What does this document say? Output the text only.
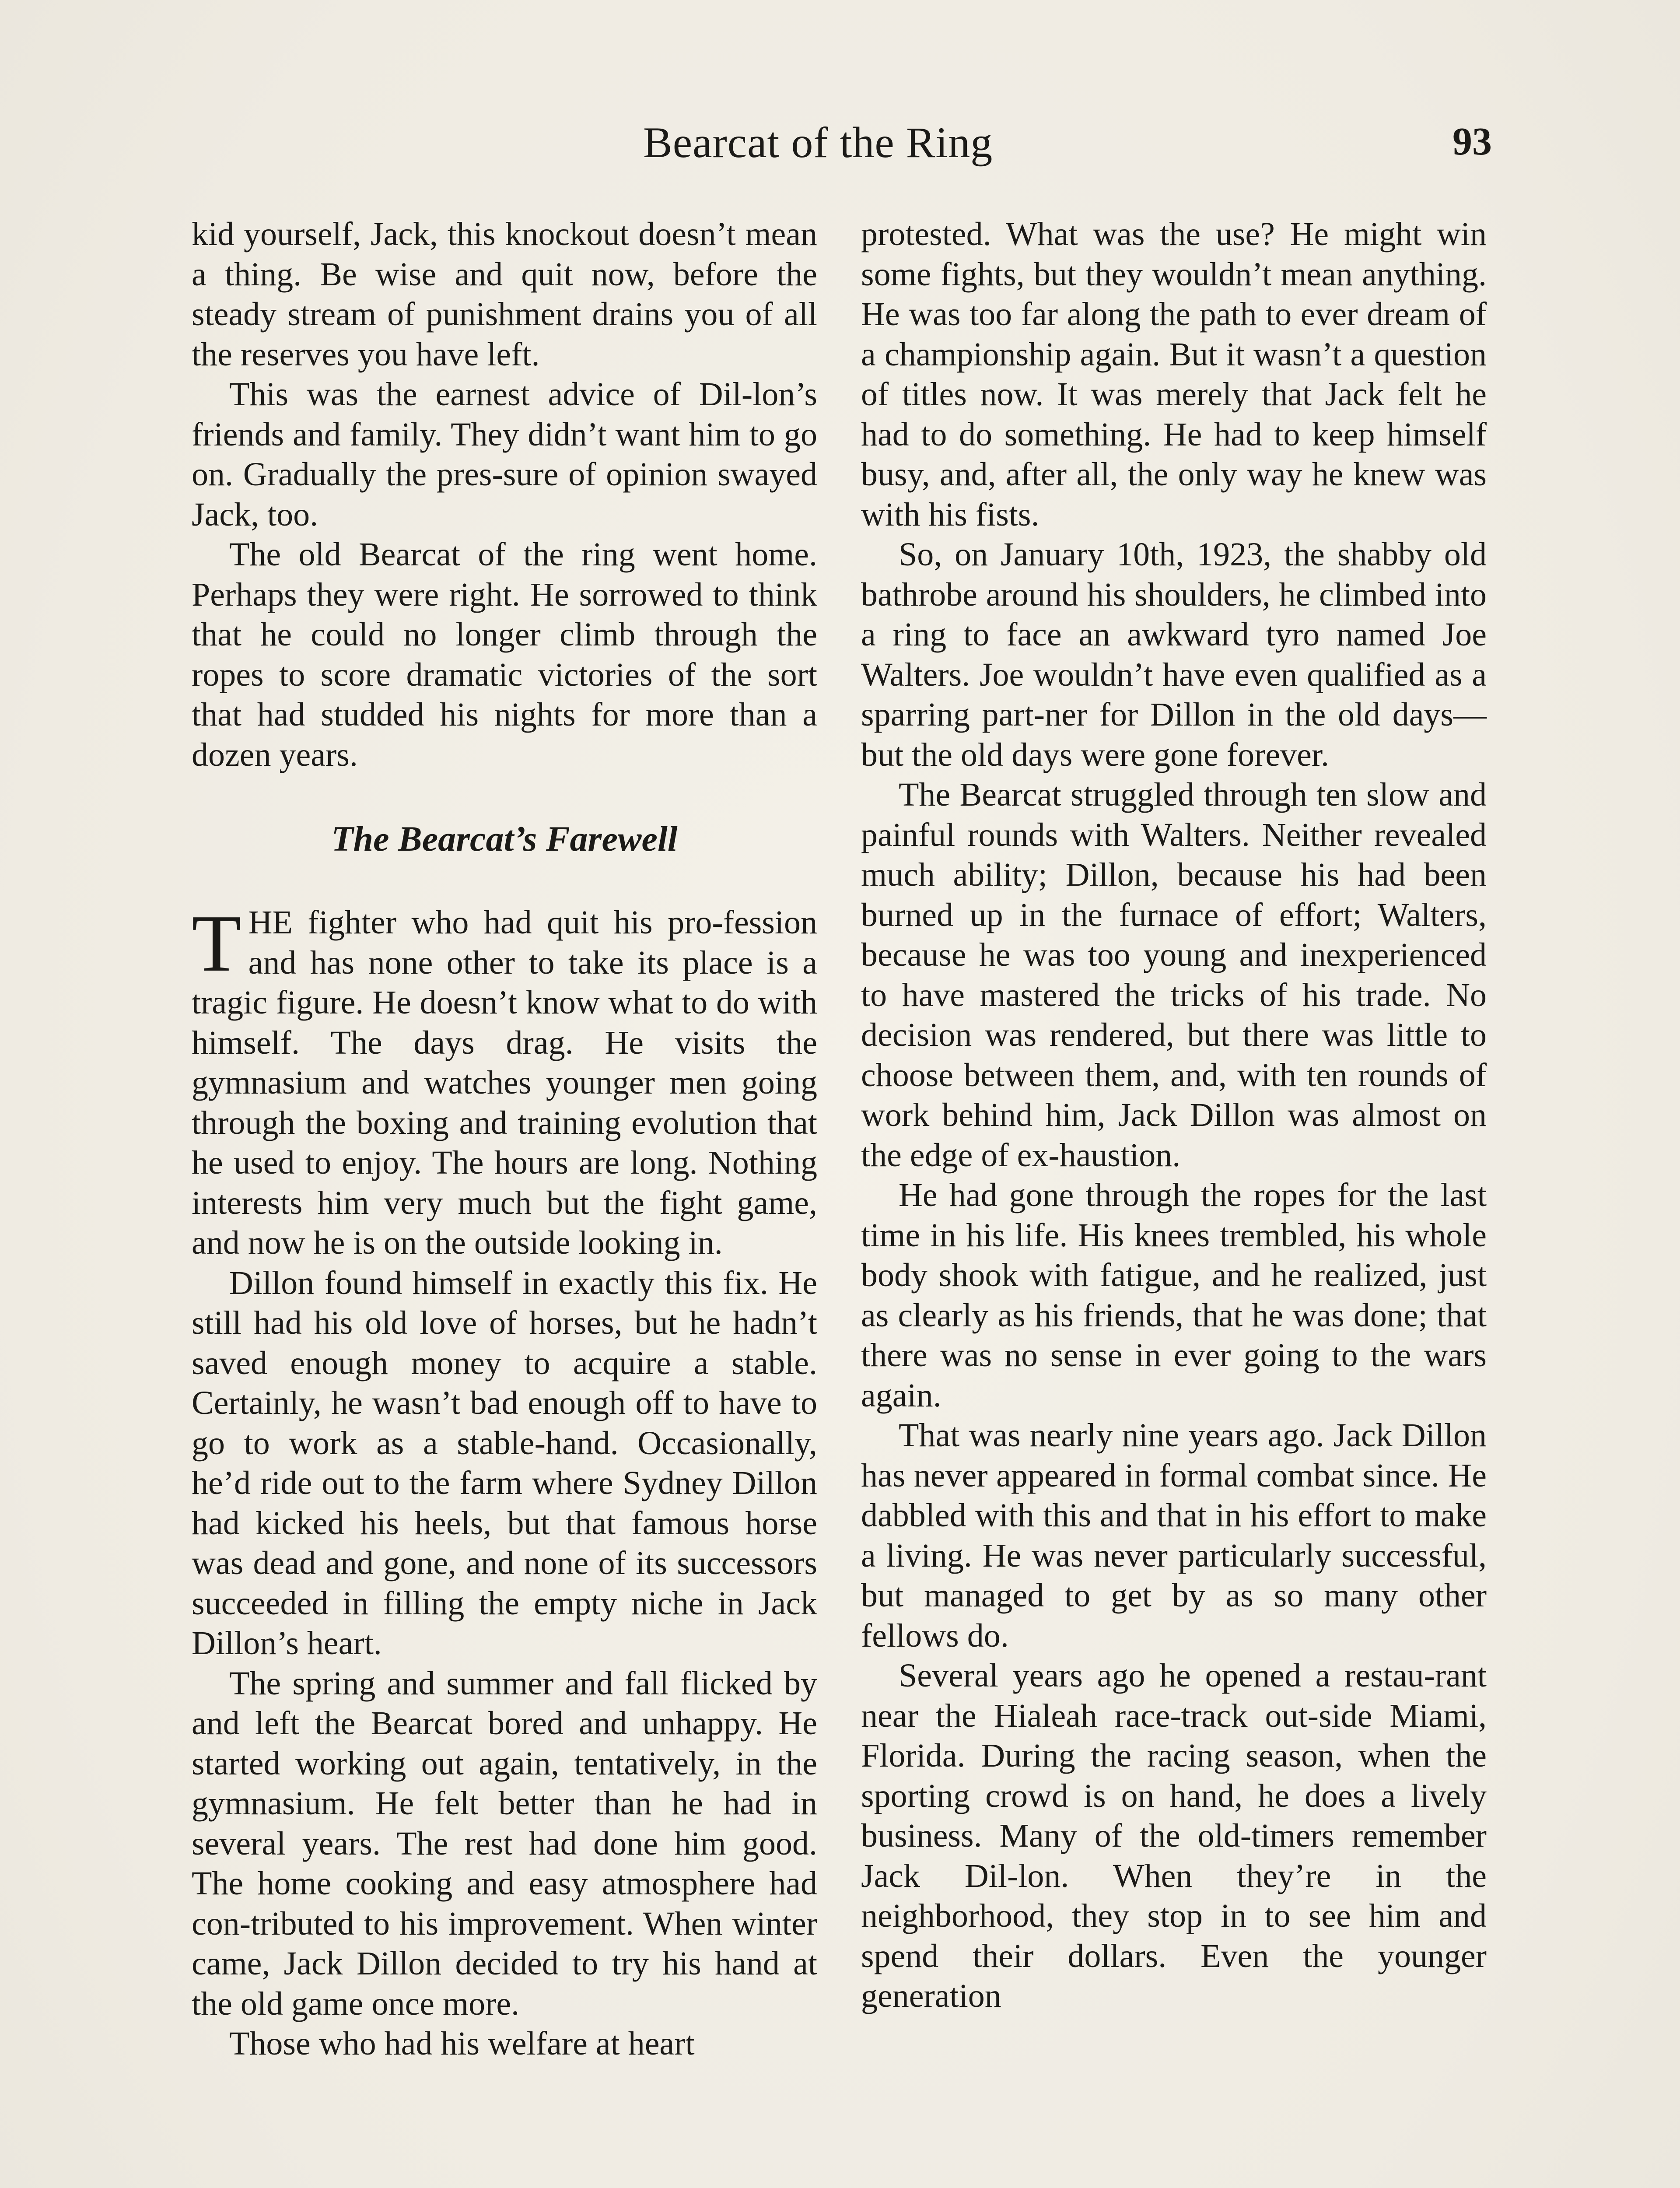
Bearcat of the Ring	93

kid yourself, Jack, this knockout doesn’t mean a thing. Be wise and quit now, before the steady stream of punishment drains you of all the reserves you have left.

This was the earnest advice of Dil-lon’s friends and family. They didn’t want him to go on. Gradually the pres-sure of opinion swayed Jack, too.

The old Bearcat of the ring went home. Perhaps they were right. He sorrowed to think that he could no longer climb through the ropes to score dramatic victories of the sort that had studded his nights for more than a dozen years.

The Bearcat’s Farewell

THE fighter who had quit his pro-fession and has none other to take its place is a tragic figure. He doesn’t know what to do with himself. The days drag. He visits the gymnasium and watches younger men going through the boxing and training evolution that he used to enjoy. The hours are long. Nothing interests him very much but the fight game, and now he is on the outside looking in.

Dillon found himself in exactly this fix. He still had his old love of horses, but he hadn’t saved enough money to acquire a stable. Certainly, he wasn’t bad enough off to have to go to work as a stable-hand. Occasionally, he’d ride out to the farm where Sydney Dillon had kicked his heels, but that famous horse was dead and gone, and none of its successors succeeded in filling the empty niche in Jack Dillon’s heart.

The spring and summer and fall flicked by and left the Bearcat bored and unhappy. He started working out again, tentatively, in the gymnasium. He felt better than he had in several years. The rest had done him good. The home cooking and easy atmosphere had con-tributed to his improvement. When winter came, Jack Dillon decided to try his hand at the old game once more.

Those who had his welfare at heart

protested. What was the use? He might win some fights, but they wouldn’t mean anything. He was too far along the path to ever dream of a championship again. But it wasn’t a question of titles now. It was merely that Jack felt he had to do something. He had to keep himself busy, and, after all, the only way he knew was with his fists.

So, on January 10th, 1923, the shabby old bathrobe around his shoulders, he climbed into a ring to face an awkward tyro named Joe Walters. Joe wouldn’t have even qualified as a sparring part-ner for Dillon in the old days—but the old days were gone forever.

The Bearcat struggled through ten slow and painful rounds with Walters. Neither revealed much ability; Dillon, because his had been burned up in the furnace of effort; Walters, because he was too young and inexperienced to have mastered the tricks of his trade. No decision was rendered, but there was little to choose between them, and, with ten rounds of work behind him, Jack Dillon was almost on the edge of ex-haustion.

He had gone through the ropes for the last time in his life. His knees trembled, his whole body shook with fatigue, and he realized, just as clearly as his friends, that he was done; that there was no sense in ever going to the wars again.

That was nearly nine years ago. Jack Dillon has never appeared in formal combat since. He dabbled with this and that in his effort to make a living. He was never particularly successful, but managed to get by as so many other fellows do.

Several years ago he opened a restau-rant near the Hialeah race-track out-side Miami, Florida. During the racing season, when the sporting crowd is on hand, he does a lively business. Many of the old-timers remember Jack Dil-lon. When they’re in the neighborhood, they stop in to see him and spend their dollars. Even the younger generation
